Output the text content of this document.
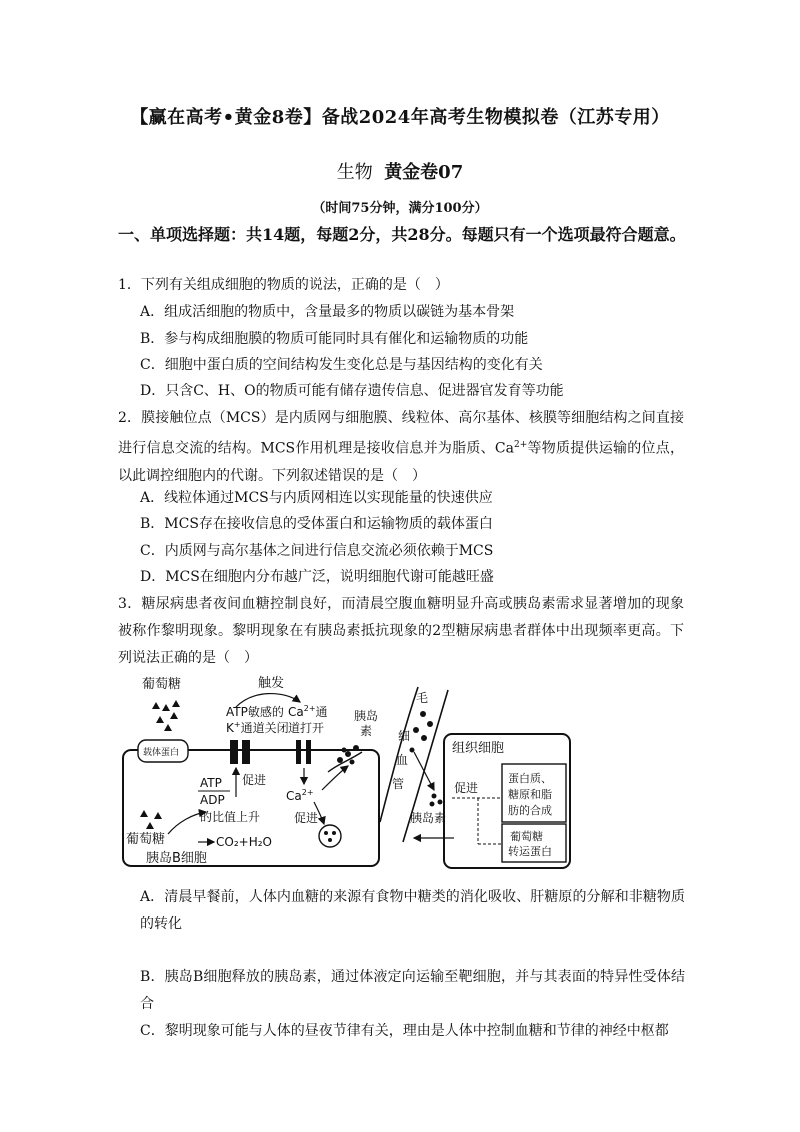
【赢在高考•黄金8卷】备战2024年高考生物模拟卷（江苏专用）
生物 黄金卷07
（时间75分钟，满分100分）
一、单项选择题：共14题，每题2分，共28分。每题只有一个选项最符合题意。
1．下列有关组成细胞的物质的说法，正确的是（　）
A．组成活细胞的物质中，含量最多的物质以碳链为基本骨架
B．参与构成细胞膜的物质可能同时具有催化和运输物质的功能
C．细胞中蛋白质的空间结构发生变化总是与基因结构的变化有关
D．只含C、H、O的物质可能有储存遗传信息、促进器官发育等功能
2．膜接触位点（MCS）是内质网与细胞膜、线粒体、高尔基体、核膜等细胞结构之间直接进行信息交流的结构。MCS作用机理是接收信息并为脂质、$Ca^{2+}$等物质提供运输的位点，以此调控细胞内的代谢。下列叙述错误的是（　）
A．线粒体通过MCS与内质网相连以实现能量的快速供应
B．MCS存在接收信息的受体蛋白和运输物质的载体蛋白
C．内质网与高尔基体之间进行信息交流必须依赖于MCS
D．MCS在细胞内分布越广泛，说明细胞代谢可能越旺盛
3．糖尿病患者夜间血糖控制良好，而清晨空腹血糖明显升高或胰岛素需求显著增加的现象被称作黎明现象。黎明现象在有胰岛素抵抗现象的2型糖尿病患者群体中出现频率更高。下列说法正确的是（　）
葡萄糖
载体蛋白
葡萄糖
胰岛B细胞
触发
ATP敏感的
K+通道关闭
$Ca^{2+}$通
道打开
胰岛
素
毛
细
血
管
胰岛素
组织细胞
促进
蛋白质、
糖原和脂
肪的合成
葡萄糖
转运蛋白
ATP
ADP
的比值上升
促进
CO₂+H₂O
$Ca^{2+}$
促进
A．清晨早餐前，人体内血糖的来源有食物中糖类的消化吸收、肝糖原的分解和非糖物质的转化
B．胰岛B细胞释放的胰岛素，通过体液定向运输至靶细胞，并与其表面的特异性受体结合
C．黎明现象可能与人体的昼夜节律有关，理由是人体中控制血糖和节律的神经中枢都
